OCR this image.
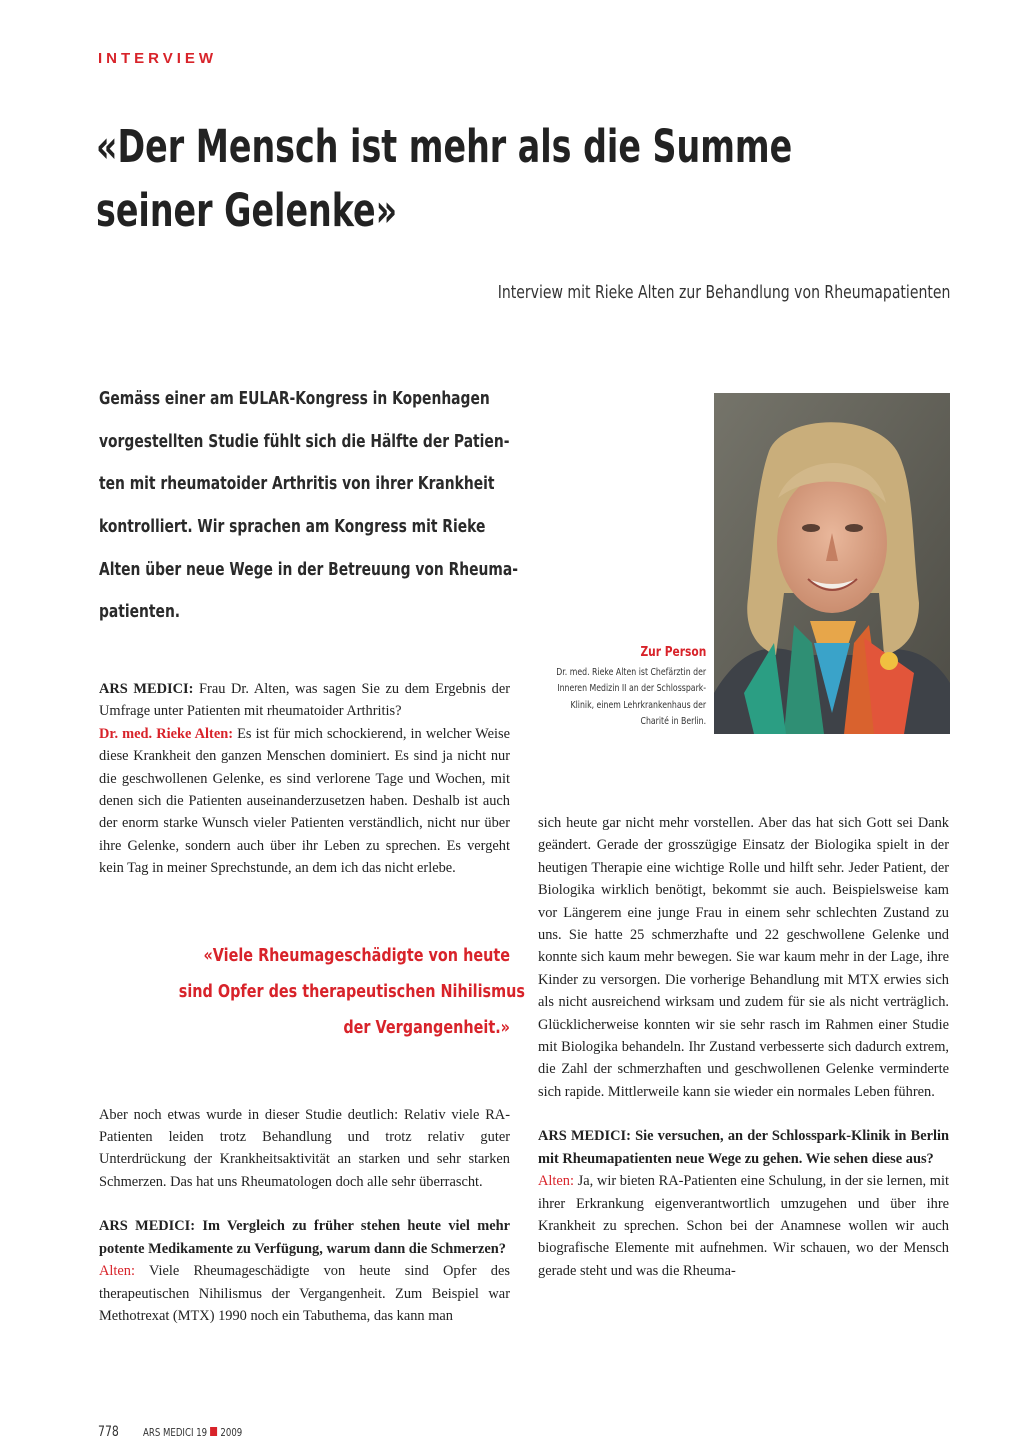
INTERVIEW
«Der Mensch ist mehr als die Summe
seiner Gelenke»
Interview mit Rieke Alten zur Behandlung von Rheumapatienten
Gemäss einer am EULAR-Kongress in Kopenhagen
vorgestellten Studie fühlt sich die Hälfte der Patien-
ten mit rheumatoider Arthritis von ihrer Krankheit
kontrolliert. Wir sprachen am Kongress mit Rieke
Alten über neue Wege in der Betreuung von Rheuma-
patienten.
Zur Person
Dr. med. Rieke Alten ist Chefärztin der
Inneren Medizin II an der Schlosspark-
Klinik, einem Lehrkrankenhaus der
Charité in Berlin.

ARS MEDICI: Frau Dr. Alten, was sagen Sie zu dem Ergebnis der Umfrage unter Patienten mit rheumatoider Arthritis?

Dr. med. Rieke Alten: Es ist für mich schockierend, in welcher Weise diese Krankheit den ganzen Menschen dominiert. Es sind ja nicht nur die geschwollenen Gelenke, es sind verlorene Tage und Wochen, mit denen sich die Patienten auseinanderzusetzen haben. Deshalb ist auch der enorm starke Wunsch vieler Patienten verständlich, nicht nur über ihre Gelenke, sondern auch über ihr Leben zu sprechen. Es vergeht kein Tag in meiner Sprechstunde, an dem ich das nicht erlebe.

Aber noch etwas wurde in dieser Studie deutlich: Relativ viele RA-Patienten leiden trotz Behandlung und trotz relativ guter Unterdrückung der Krankheitsaktivität an starken und sehr starken Schmerzen. Das hat uns Rheumatologen doch alle sehr überrascht.

ARS MEDICI: Im Vergleich zu früher stehen heute viel mehr potente Medikamente zu Verfügung, warum dann die Schmerzen?

Alten: Viele Rheumageschädigte von heute sind Opfer des therapeutischen Nihilismus der Vergangenheit. Zum Beispiel war Methotrexat (MTX) 1990 noch ein Tabuthema, das kann man

«Viele Rheumageschädigte von heute
sind Opfer des therapeutischen Nihilismus
der Vergangenheit.»

sich heute gar nicht mehr vorstellen. Aber das hat sich Gott sei Dank geändert. Gerade der grosszügige Einsatz der Biologika spielt in der heutigen Therapie eine wichtige Rolle und hilft sehr. Jeder Patient, der Biologika wirklich benötigt, bekommt sie auch. Beispielsweise kam vor Längerem eine junge Frau in einem sehr schlechten Zustand zu uns. Sie hatte 25 schmerzhafte und 22 geschwollene Gelenke und konnte sich kaum mehr bewegen. Sie war kaum mehr in der Lage, ihre Kinder zu versorgen. Die vorherige Behandlung mit MTX erwies sich als nicht ausreichend wirksam und zudem für sie als nicht verträglich. Glücklicherweise konnten wir sie sehr rasch im Rahmen einer Studie mit Biologika behandeln. Ihr Zustand verbesserte sich dadurch extrem, die Zahl der schmerzhaften und geschwollenen Gelenke verminderte sich rapide. Mittlerweile kann sie wieder ein normales Leben führen.

ARS MEDICI: Sie versuchen, an der Schlosspark-Klinik in Berlin mit Rheumapatienten neue Wege zu gehen. Wie sehen diese aus?

Alten: Ja, wir bieten RA-Patienten eine Schulung, in der sie lernen, mit ihrer Erkrankung eigenverantwortlich umzugehen und über ihre Krankheit zu sprechen. Schon bei der Anamnese wollen wir auch biografische Elemente mit aufnehmen. Wir schauen, wo der Mensch gerade steht und was die Rheuma-

778 ARS MEDICI 19 2009
